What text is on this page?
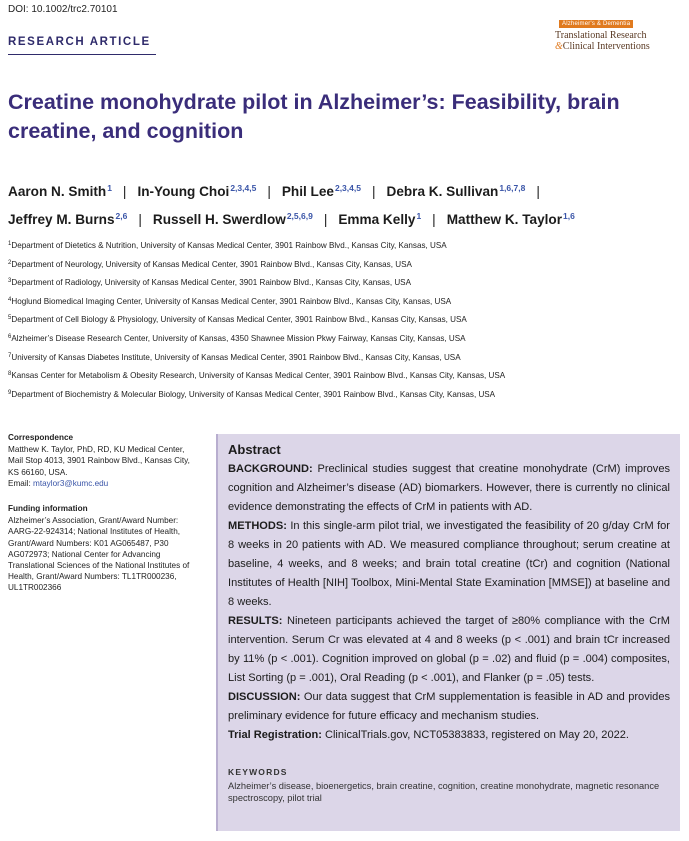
DOI: 10.1002/trc2.70101
Alzheimer's & Dementia
Translational Research
&Clinical Interventions
RESEARCH ARTICLE
Creatine monohydrate pilot in Alzheimer’s: Feasibility, brain creatine, and cognition
Aaron N. Smith$^1$ | In-Young Choi$^{2,3,4,5}$ | Phil Lee$^{2,3,4,5}$ | Debra K. Sullivan$^{1,6,7,8}$ |
Jeffrey M. Burns$^{2,6}$ | Russell H. Swerdlow$^{2,5,6,9}$ | Emma Kelly$^1$ | Matthew K. Taylor$^{1,6}$
$^1$Department of Dietetics & Nutrition, University of Kansas Medical Center, 3901 Rainbow Blvd., Kansas City, Kansas, USA
$^2$Department of Neurology, University of Kansas Medical Center, 3901 Rainbow Blvd., Kansas City, Kansas, USA
$^3$Department of Radiology, University of Kansas Medical Center, 3901 Rainbow Blvd., Kansas City, Kansas, USA
$^4$Hoglund Biomedical Imaging Center, University of Kansas Medical Center, 3901 Rainbow Blvd., Kansas City, Kansas, USA
$^5$Department of Cell Biology & Physiology, University of Kansas Medical Center, 3901 Rainbow Blvd., Kansas City, Kansas, USA
$^6$Alzheimer’s Disease Research Center, University of Kansas, 4350 Shawnee Mission Pkwy Fairway, Kansas City, Kansas, USA
$^7$University of Kansas Diabetes Institute, University of Kansas Medical Center, 3901 Rainbow Blvd., Kansas City, Kansas, USA
$^8$Kansas Center for Metabolism & Obesity Research, University of Kansas Medical Center, 3901 Rainbow Blvd., Kansas City, Kansas, USA
$^9$Department of Biochemistry & Molecular Biology, University of Kansas Medical Center, 3901 Rainbow Blvd., Kansas City, Kansas, USA
Correspondence
Matthew K. Taylor, PhD, RD, KU Medical Center, Mail Stop 4013, 3901 Rainbow Blvd., Kansas City, KS 66160, USA.
Email: mtaylor3@kumc.edu
Funding information
Alzheimer’s Association, Grant/Award Number: AARG-22-924314; National Institutes of Health, Grant/Award Numbers: K01 AG065487, P30 AG072973; National Center for Advancing Translational Sciences of the National Institutes of Health, Grant/Award Numbers: TL1TR000236, UL1TR002366
Abstract

BACKGROUND: Preclinical studies suggest that creatine monohydrate (CrM) improves cognition and Alzheimer’s disease (AD) biomarkers. However, there is currently no clinical evidence demonstrating the effects of CrM in patients with AD.

METHODS: In this single-arm pilot trial, we investigated the feasibility of 20 g/day CrM for 8 weeks in 20 patients with AD. We measured compliance throughout; serum creatine at baseline, 4 weeks, and 8 weeks; and brain total creatine (tCr) and cognition (National Institutes of Health [NIH] Toolbox, Mini-Mental State Examination [MMSE]) at baseline and 8 weeks.

RESULTS: Nineteen participants achieved the target of ≥80% compliance with the CrM intervention. Serum Cr was elevated at 4 and 8 weeks (p < .001) and brain tCr increased by 11% (p < .001). Cognition improved on global (p = .02) and fluid (p = .004) composites, List Sorting (p = .001), Oral Reading (p < .001), and Flanker (p = .05) tests.

DISCUSSION: Our data suggest that CrM supplementation is feasible in AD and provides preliminary evidence for future efficacy and mechanism studies.

Trial Registration: ClinicalTrials.gov, NCT05383833, registered on May 20, 2022.

KEYWORDS
Alzheimer’s disease, bioenergetics, brain creatine, cognition, creatine monohydrate, magnetic resonance spectroscopy, pilot trial
